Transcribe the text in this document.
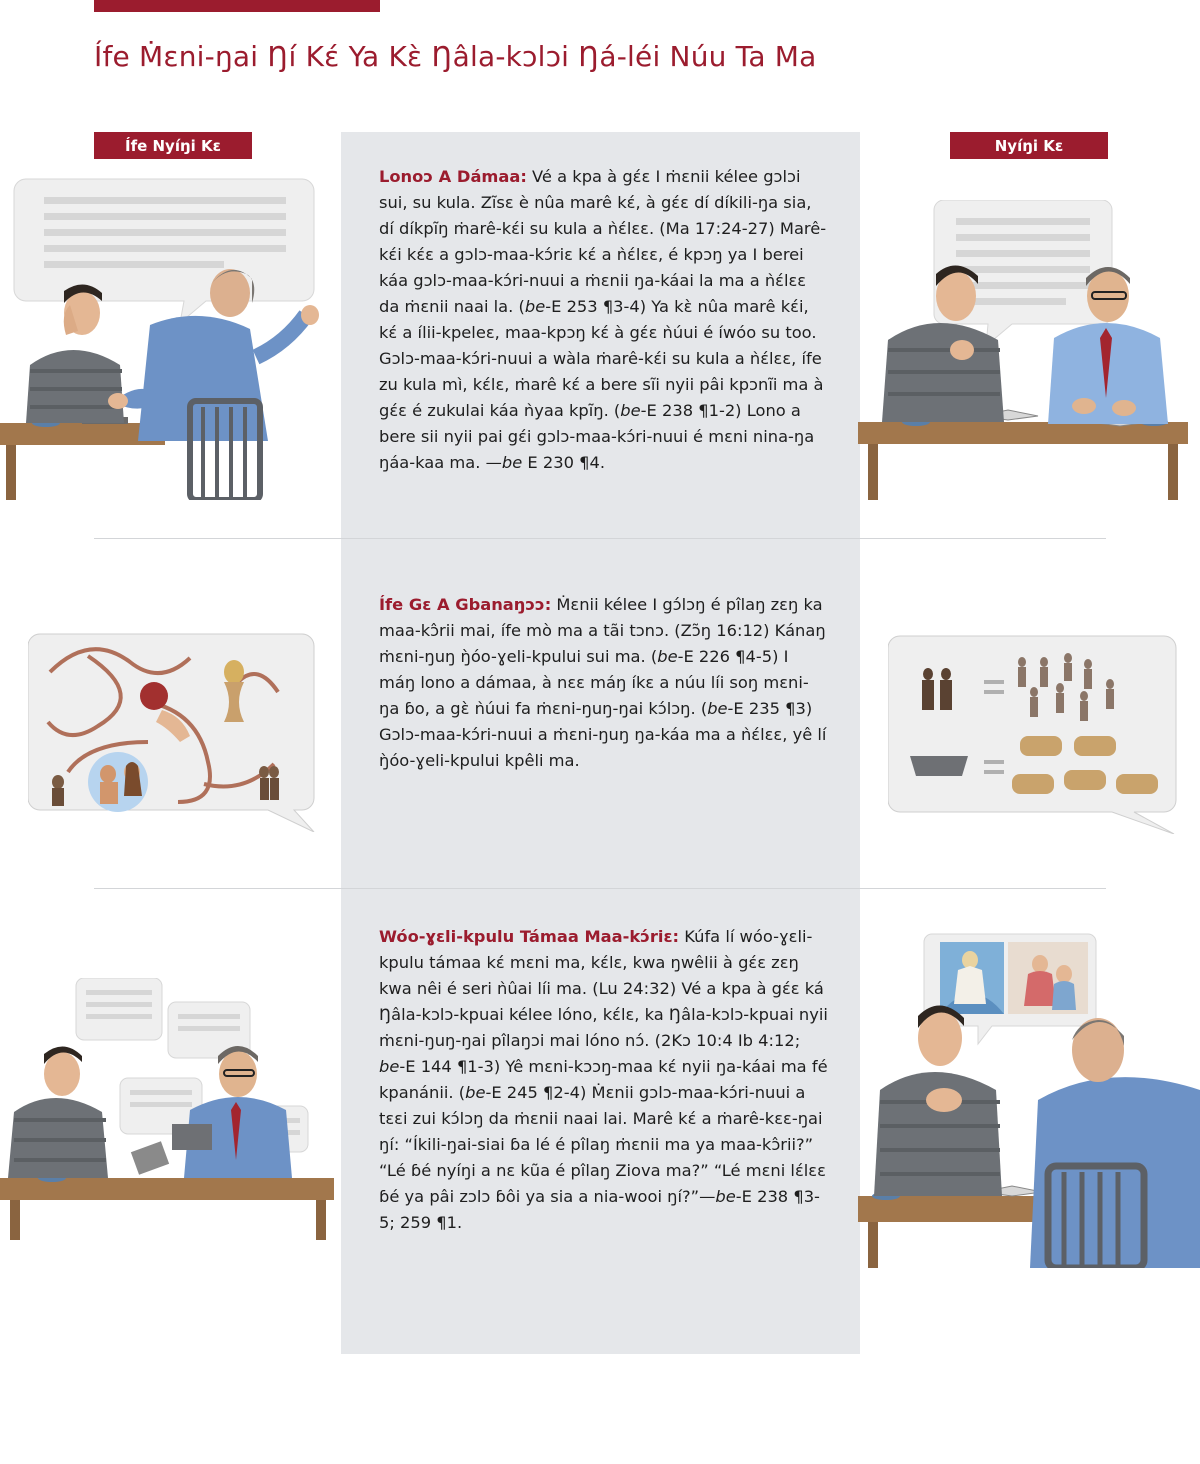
Ífe Ṁɛni-ŋai Ŋí Kɛ́ Ya Kɛ̀ Ŋâla-kɔlɔi Ŋá-léi Núu Ta Ma
Ífe Nyíŋi Kɛ	Nyíŋi Kɛ

Lonoɔ A Dámaa: Vé a kpa à gɛ́ɛ I ṁɛnii kélee gɔlɔi sui, su kula. Zĩsɛ è nûa marê kɛ́, à gɛ́ɛ dí díkili-ŋa sia, dí díkpĩŋ ṁarê-kɛ́i su kula a ǹɛ́lɛɛ. (Ma 17:24-27) Marê-kɛ́i kɛ́ɛ a gɔlɔ-maa-kɔ́riɛ kɛ́ a ǹɛ́lɛɛ, é kpɔŋ ya I berei káa gɔlɔ-maa-kɔ́ri-nuui a ṁɛnii ŋa-káai la ma a ǹɛ́lɛɛ da ṁɛnii naai la. (be-E 253 ¶3-4) Ya kɛ̀ nûa marê kɛ́i, kɛ́ a ílii-kpeleɛ, maa-kpɔŋ kɛ́ à gɛ́ɛ ǹúui é íwóo su too. Gɔlɔ-maa-kɔ́ri-nuui a wàla ṁarê-kɛ́i su kula a ǹɛ́lɛɛ, ífe zu kula mì, kɛ́lɛ, ṁarê kɛ́ a bere sĩi nyii pâi kpɔnĩi ma à gɛ́ɛ é zukulai káa ǹyaa kpĩŋ. (be-E 238 ¶1-2) Lono a bere sii nyii pai gɛ́i gɔlɔ-maa-kɔ́ri-nuui é mɛni nina-ŋa ŋáa-kaa ma. —be E 230 ¶4.

Ífe Gɛ A Gbanaŋɔɔ: Ṁɛnii kélee I gɔ́lɔŋ é pîlaŋ zɛŋ ka maa-kɔ̂rii mai, ífe mò ma a tãi tɔnɔ. (Zɔ̃ŋ 16:12) Kánaŋ ṁɛni-ŋuŋ ŋ̀óo-ɣeli-kpului sui ma. (be-E 226 ¶4-5) I máŋ lono a dámaa, à nɛɛ máŋ íkɛ a núu líi soŋ mɛni-ŋa ɓo, a gɛ̀ ǹúui fa ṁɛni-ŋuŋ-ŋai kɔ́lɔŋ. (be-E 235 ¶3) Gɔlɔ-maa-kɔ́ri-nuui a ṁɛni-ŋuŋ ŋa-káa ma a ǹɛ́lɛɛ, yê lí ŋ̀óo-ɣeli-kpului kpêli ma.

Wóo-ɣɛli-kpulu Támaa Maa-kɔ́riɛ: Kúfa lí wóo-ɣɛli-kpulu támaa kɛ́ mɛni ma, kɛ́lɛ, kwa ŋwêlii à gɛ́ɛ zɛŋ kwa nêi é seri ǹûai líi ma. (Lu 24:32) Vé a kpa à gɛ́ɛ ká Ŋâla-kɔlɔ-kpuai kélee lóno, kɛ́lɛ, ka Ŋâla-kɔlɔ-kpuai nyii ṁɛni-ŋuŋ-ŋai pîlaŋɔi mai lóno nɔ́. (2Kɔ 10:4 Ib 4:12; be-E 144 ¶1-3) Yê mɛni-kɔɔŋ-maa kɛ́ nyii ŋa-káai ma fé kpanánii. (be-E 245 ¶2-4) Ṁɛnii gɔlɔ-maa-kɔ́ri-nuui a tɛɛi zui kɔ́lɔŋ da ṁɛnii naai lai. Marê kɛ́ a ṁarê-kɛɛ-ŋai ŋí: “Íkili-ŋai-siai ɓa lé é pîlaŋ ṁɛnii ma ya maa-kɔ̂rii?” “Lé ɓé nyíŋi a nɛ kũa é pîlaŋ Ziova ma?” “Lé mɛni lɛ́lɛɛ ɓé ya pâi zɔlɔ ɓôi ya sia a nia-wooi ŋí?”—be-E 238 ¶3-5; 259 ¶1.
